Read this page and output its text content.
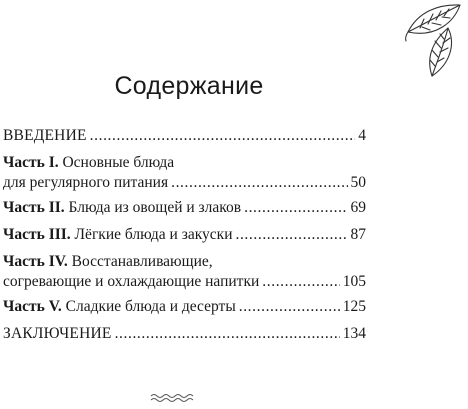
Содержание
ВВЕДЕНИЕ .....	4
Часть I.
Основные блюда
для регулярного питания .....	50
Часть II.
Блюда из овощей и злаков .....	69
Часть III.
Лёгкие блюда и закуски .....	87
Часть IV.
Восстанавливающие,
согревающие и охлаждающие напитки .....	105
Часть V.
Сладкие блюда и десерты .....	125
ЗАКЛЮЧЕНИЕ .....	134
